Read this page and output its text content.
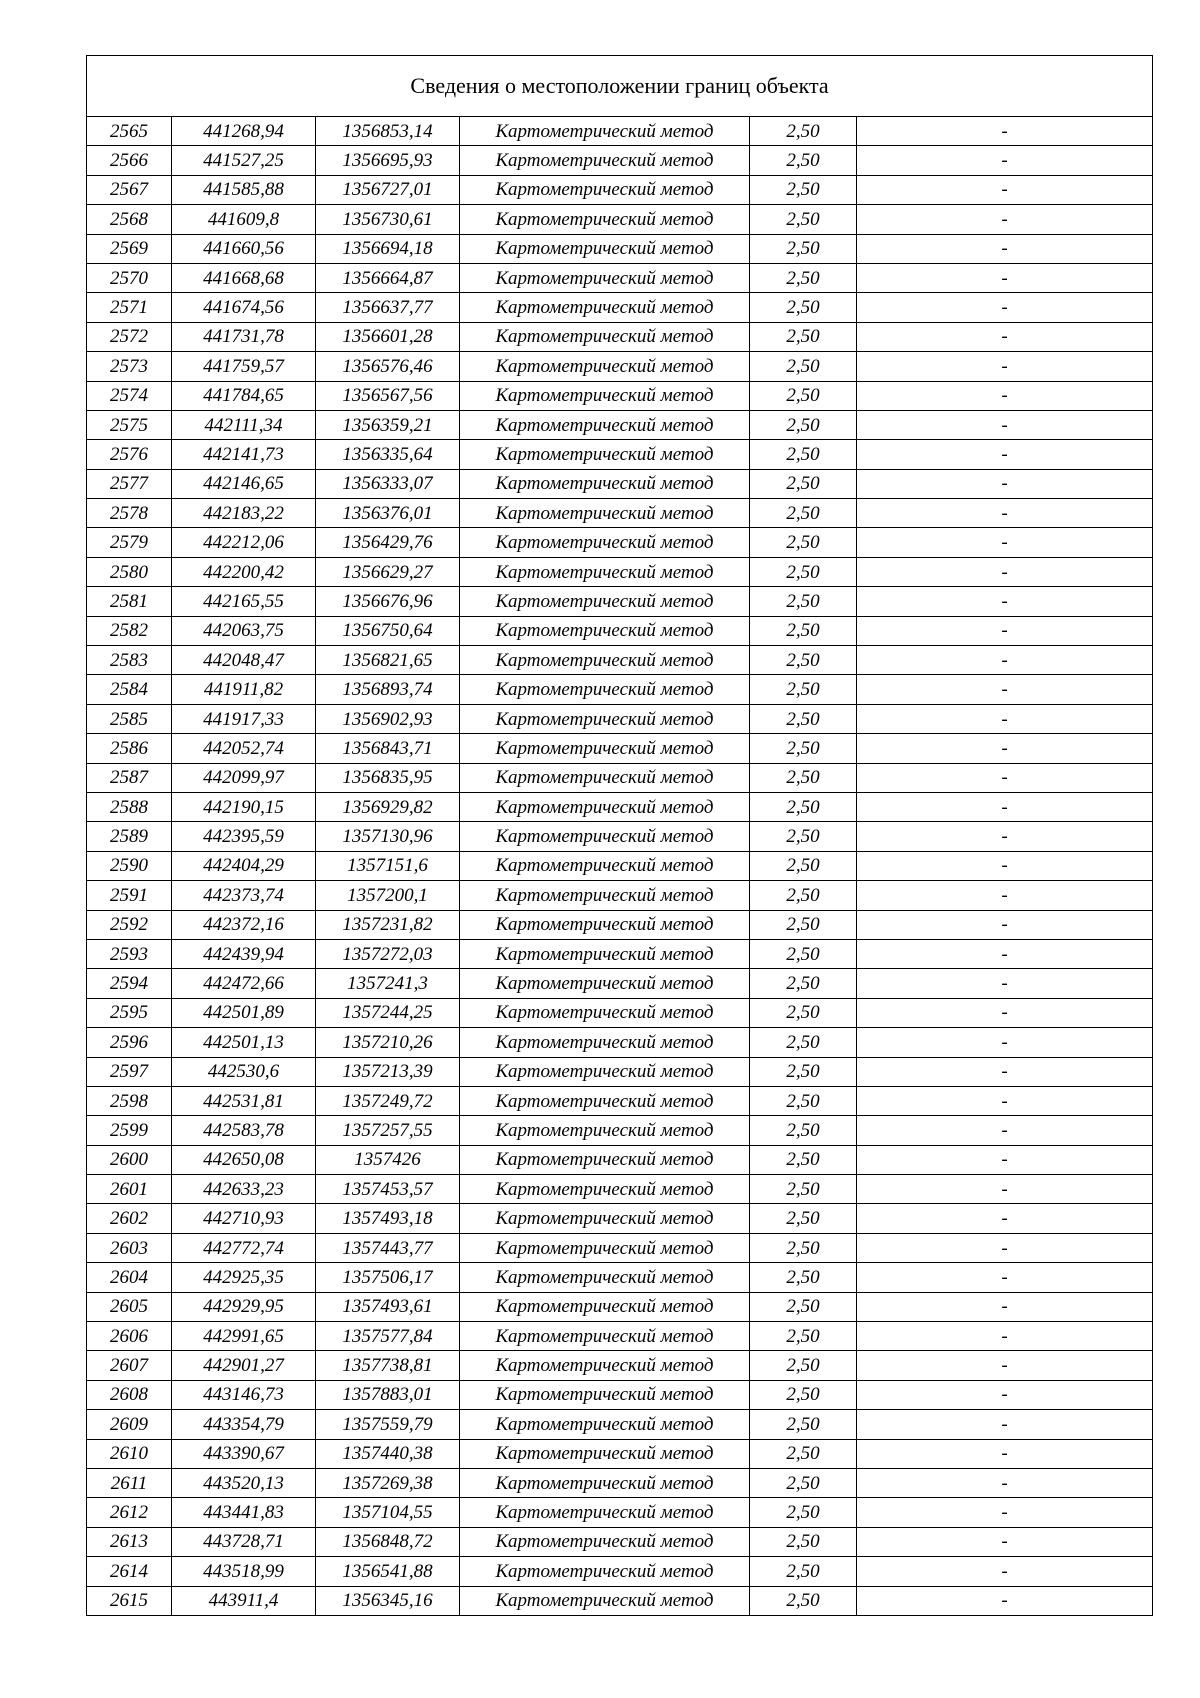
Сведения о местоположении границ объекта					
2565	441268,94	1356853,14	Картометрический метод	2,50	-
2566	441527,25	1356695,93	Картометрический метод	2,50	-
2567	441585,88	1356727,01	Картометрический метод	2,50	-
2568	441609,8	1356730,61	Картометрический метод	2,50	-
2569	441660,56	1356694,18	Картометрический метод	2,50	-
2570	441668,68	1356664,87	Картометрический метод	2,50	-
2571	441674,56	1356637,77	Картометрический метод	2,50	-
2572	441731,78	1356601,28	Картометрический метод	2,50	-
2573	441759,57	1356576,46	Картометрический метод	2,50	-
2574	441784,65	1356567,56	Картометрический метод	2,50	-
2575	442111,34	1356359,21	Картометрический метод	2,50	-
2576	442141,73	1356335,64	Картометрический метод	2,50	-
2577	442146,65	1356333,07	Картометрический метод	2,50	-
2578	442183,22	1356376,01	Картометрический метод	2,50	-
2579	442212,06	1356429,76	Картометрический метод	2,50	-
2580	442200,42	1356629,27	Картометрический метод	2,50	-
2581	442165,55	1356676,96	Картометрический метод	2,50	-
2582	442063,75	1356750,64	Картометрический метод	2,50	-
2583	442048,47	1356821,65	Картометрический метод	2,50	-
2584	441911,82	1356893,74	Картометрический метод	2,50	-
2585	441917,33	1356902,93	Картометрический метод	2,50	-
2586	442052,74	1356843,71	Картометрический метод	2,50	-
2587	442099,97	1356835,95	Картометрический метод	2,50	-
2588	442190,15	1356929,82	Картометрический метод	2,50	-
2589	442395,59	1357130,96	Картометрический метод	2,50	-
2590	442404,29	1357151,6	Картометрический метод	2,50	-
2591	442373,74	1357200,1	Картометрический метод	2,50	-
2592	442372,16	1357231,82	Картометрический метод	2,50	-
2593	442439,94	1357272,03	Картометрический метод	2,50	-
2594	442472,66	1357241,3	Картометрический метод	2,50	-
2595	442501,89	1357244,25	Картометрический метод	2,50	-
2596	442501,13	1357210,26	Картометрический метод	2,50	-
2597	442530,6	1357213,39	Картометрический метод	2,50	-
2598	442531,81	1357249,72	Картометрический метод	2,50	-
2599	442583,78	1357257,55	Картометрический метод	2,50	-
2600	442650,08	1357426	Картометрический метод	2,50	-
2601	442633,23	1357453,57	Картометрический метод	2,50	-
2602	442710,93	1357493,18	Картометрический метод	2,50	-
2603	442772,74	1357443,77	Картометрический метод	2,50	-
2604	442925,35	1357506,17	Картометрический метод	2,50	-
2605	442929,95	1357493,61	Картометрический метод	2,50	-
2606	442991,65	1357577,84	Картометрический метод	2,50	-
2607	442901,27	1357738,81	Картометрический метод	2,50	-
2608	443146,73	1357883,01	Картометрический метод	2,50	-
2609	443354,79	1357559,79	Картометрический метод	2,50	-
2610	443390,67	1357440,38	Картометрический метод	2,50	-
2611	443520,13	1357269,38	Картометрический метод	2,50	-
2612	443441,83	1357104,55	Картометрический метод	2,50	-
2613	443728,71	1356848,72	Картометрический метод	2,50	-
2614	443518,99	1356541,88	Картометрический метод	2,50	-
2615	443911,4	1356345,16	Картометрический метод	2,50	-
